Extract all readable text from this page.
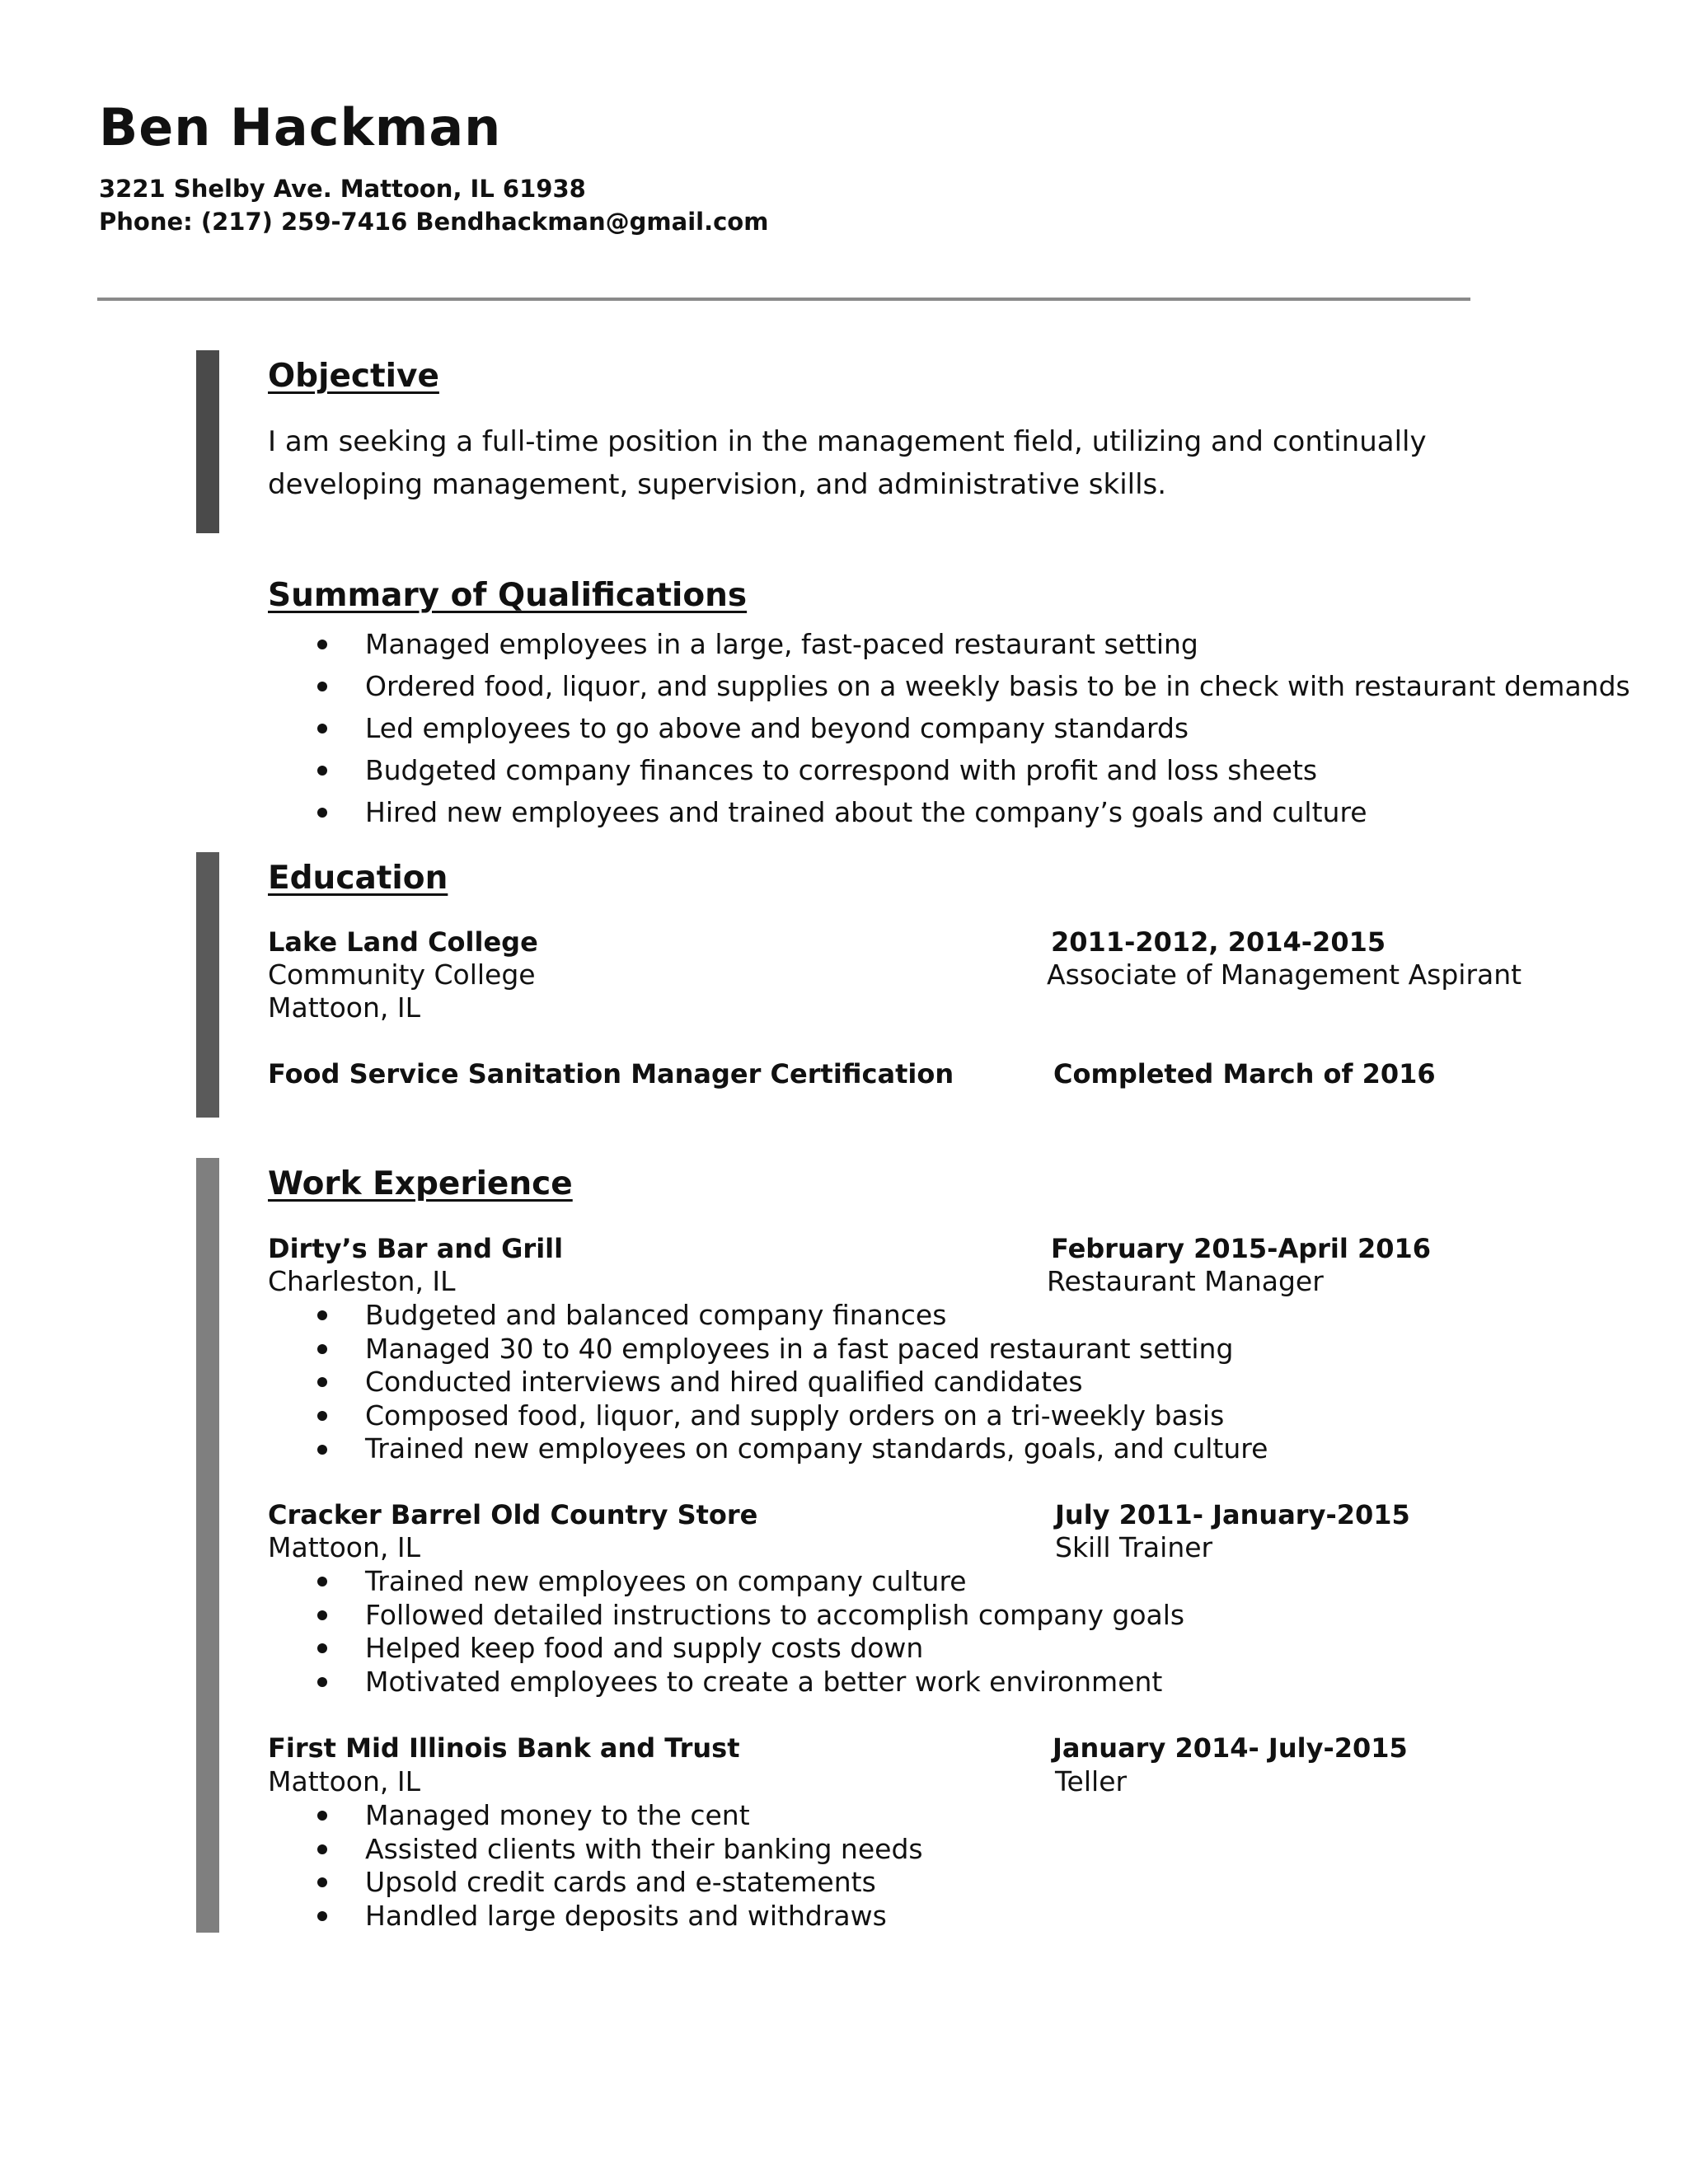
Ben Hackman
3221 Shelby Ave. Mattoon, IL 61938
Phone: (217) 259-7416 Bendhackman@gmail.com
Objective
I am seeking a full-time position in the management field, utilizing and continually developing management, supervision, and administrative skills.
Summary of Qualifications
Managed employees in a large, fast-paced restaurant setting
Ordered food, liquor, and supplies on a weekly basis to be in check with restaurant demands
Led employees to go above and beyond company standards
Budgeted company finances to correspond with profit and loss sheets
Hired new employees and trained about the company’s goals and culture
Education
Lake Land College	2011-2012, 2014-2015
Community College	Associate of Management Aspirant
Mattoon, IL
Food Service Sanitation Manager Certification	Completed March of 2016
Work Experience
Dirty’s Bar and Grill	February 2015-April 2016
Charleston, IL	Restaurant Manager
Budgeted and balanced company finances
Managed 30 to 40 employees in a fast paced restaurant setting
Conducted interviews and hired qualified candidates
Composed food, liquor, and supply orders on a tri-weekly basis
Trained new employees on company standards, goals, and culture
Cracker Barrel Old Country Store	July 2011- January-2015
Mattoon, IL	Skill Trainer
Trained new employees on company culture
Followed detailed instructions to accomplish company goals
Helped keep food and supply costs down
Motivated employees to create a better work environment
First Mid Illinois Bank and Trust	January 2014- July-2015
Mattoon, IL	Teller
Managed money to the cent
Assisted clients with their banking needs
Upsold credit cards and e-statements
Handled large deposits and withdraws
